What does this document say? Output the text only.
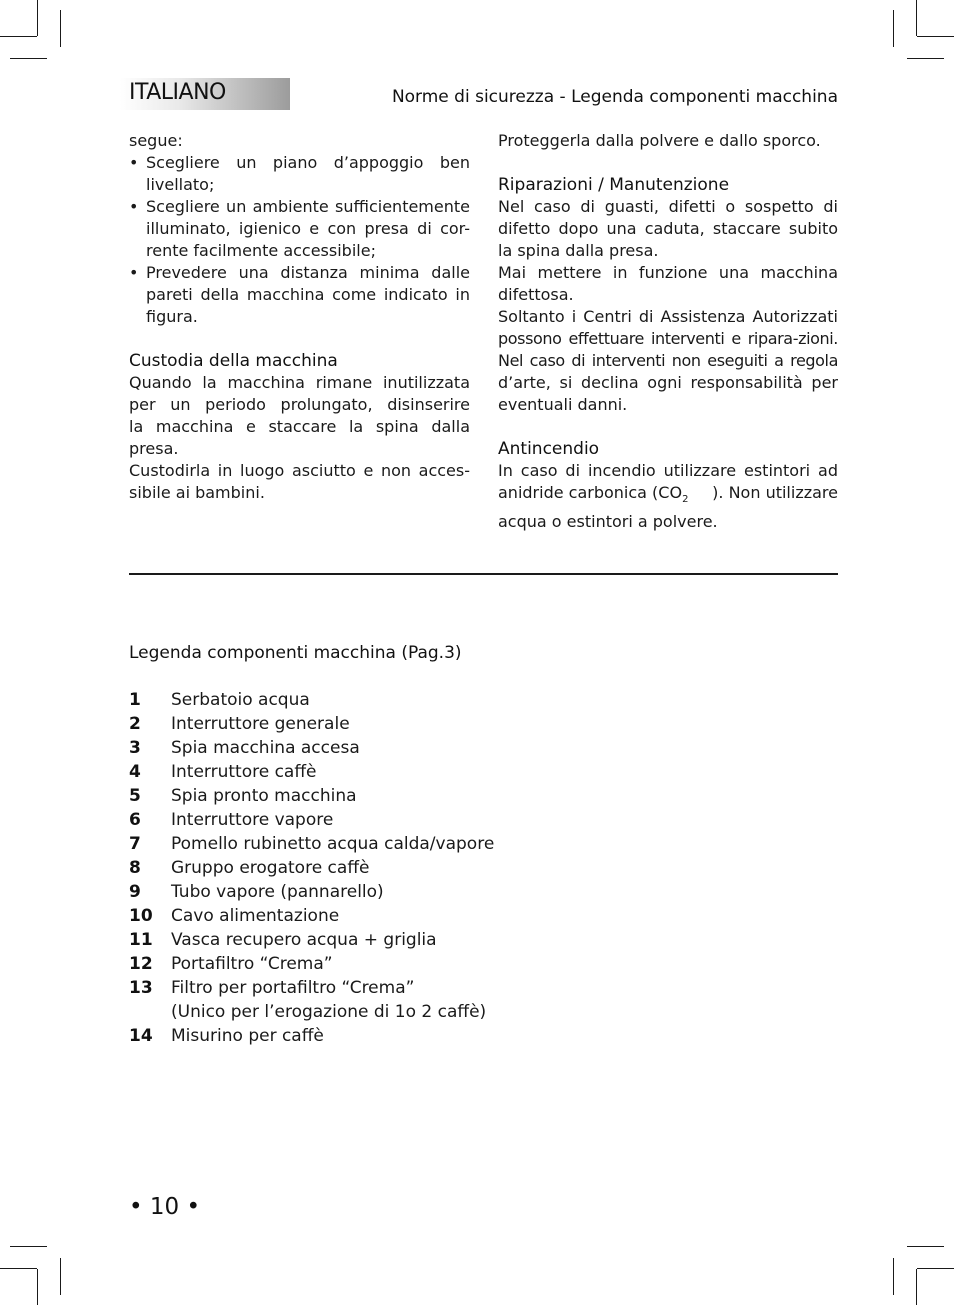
ITALIANO	Norme di sicurezza - Legenda componenti macchina

segue:

• Scegliere un piano d’appoggio ben

livellato;

• Scegliere un ambiente sufficientemente

illuminato, igienico e con presa di cor-

rente facilmente accessibile;

• Prevedere una distanza minima dalle

pareti della macchina come indicato in

figura.

Custodia della macchina

Quando la macchina rimane inutilizzata

per un periodo prolungato, disinserire

la macchina e staccare la spina dalla

presa.

Custodirla in luogo asciutto e non acces-

sibile ai bambini.

Proteggerla dalla polvere e dallo sporco.

Riparazioni / Manutenzione

Nel caso di guasti, difetti o sospetto di

difetto dopo una caduta, staccare subito

la spina dalla presa.

Mai mettere in funzione una macchina

difettosa.

Soltanto i Centri di Assistenza Autorizzati

possono effettuare interventi e ripara-zioni.

Nel caso di interventi non eseguiti a regola

d’arte, si declina ogni responsabilità per

eventuali danni.

Antincendio

In caso di incendio utilizzare estintori ad

anidride carbonica ($CO_2$ ). Non utilizzare

acqua o estintori a polvere.

Legenda componenti macchina (Pag.3)
1	Serbatoio acqua
2	Interruttore generale
3	Spia macchina accesa
4	Interruttore caffè
5	Spia pronto macchina
6	Interruttore vapore
7	Pomello rubinetto acqua calda/vapore
8	Gruppo erogatore caffè
9	Tubo vapore (pannarello)
10	Cavo alimentazione
11	Vasca recupero acqua + griglia
12	Portafiltro “Crema”
13	Filtro per portafiltro “Crema”
(Unico per l’erogazione di 1o 2 caffè)
14	Misurino per caffè
• 10 •
